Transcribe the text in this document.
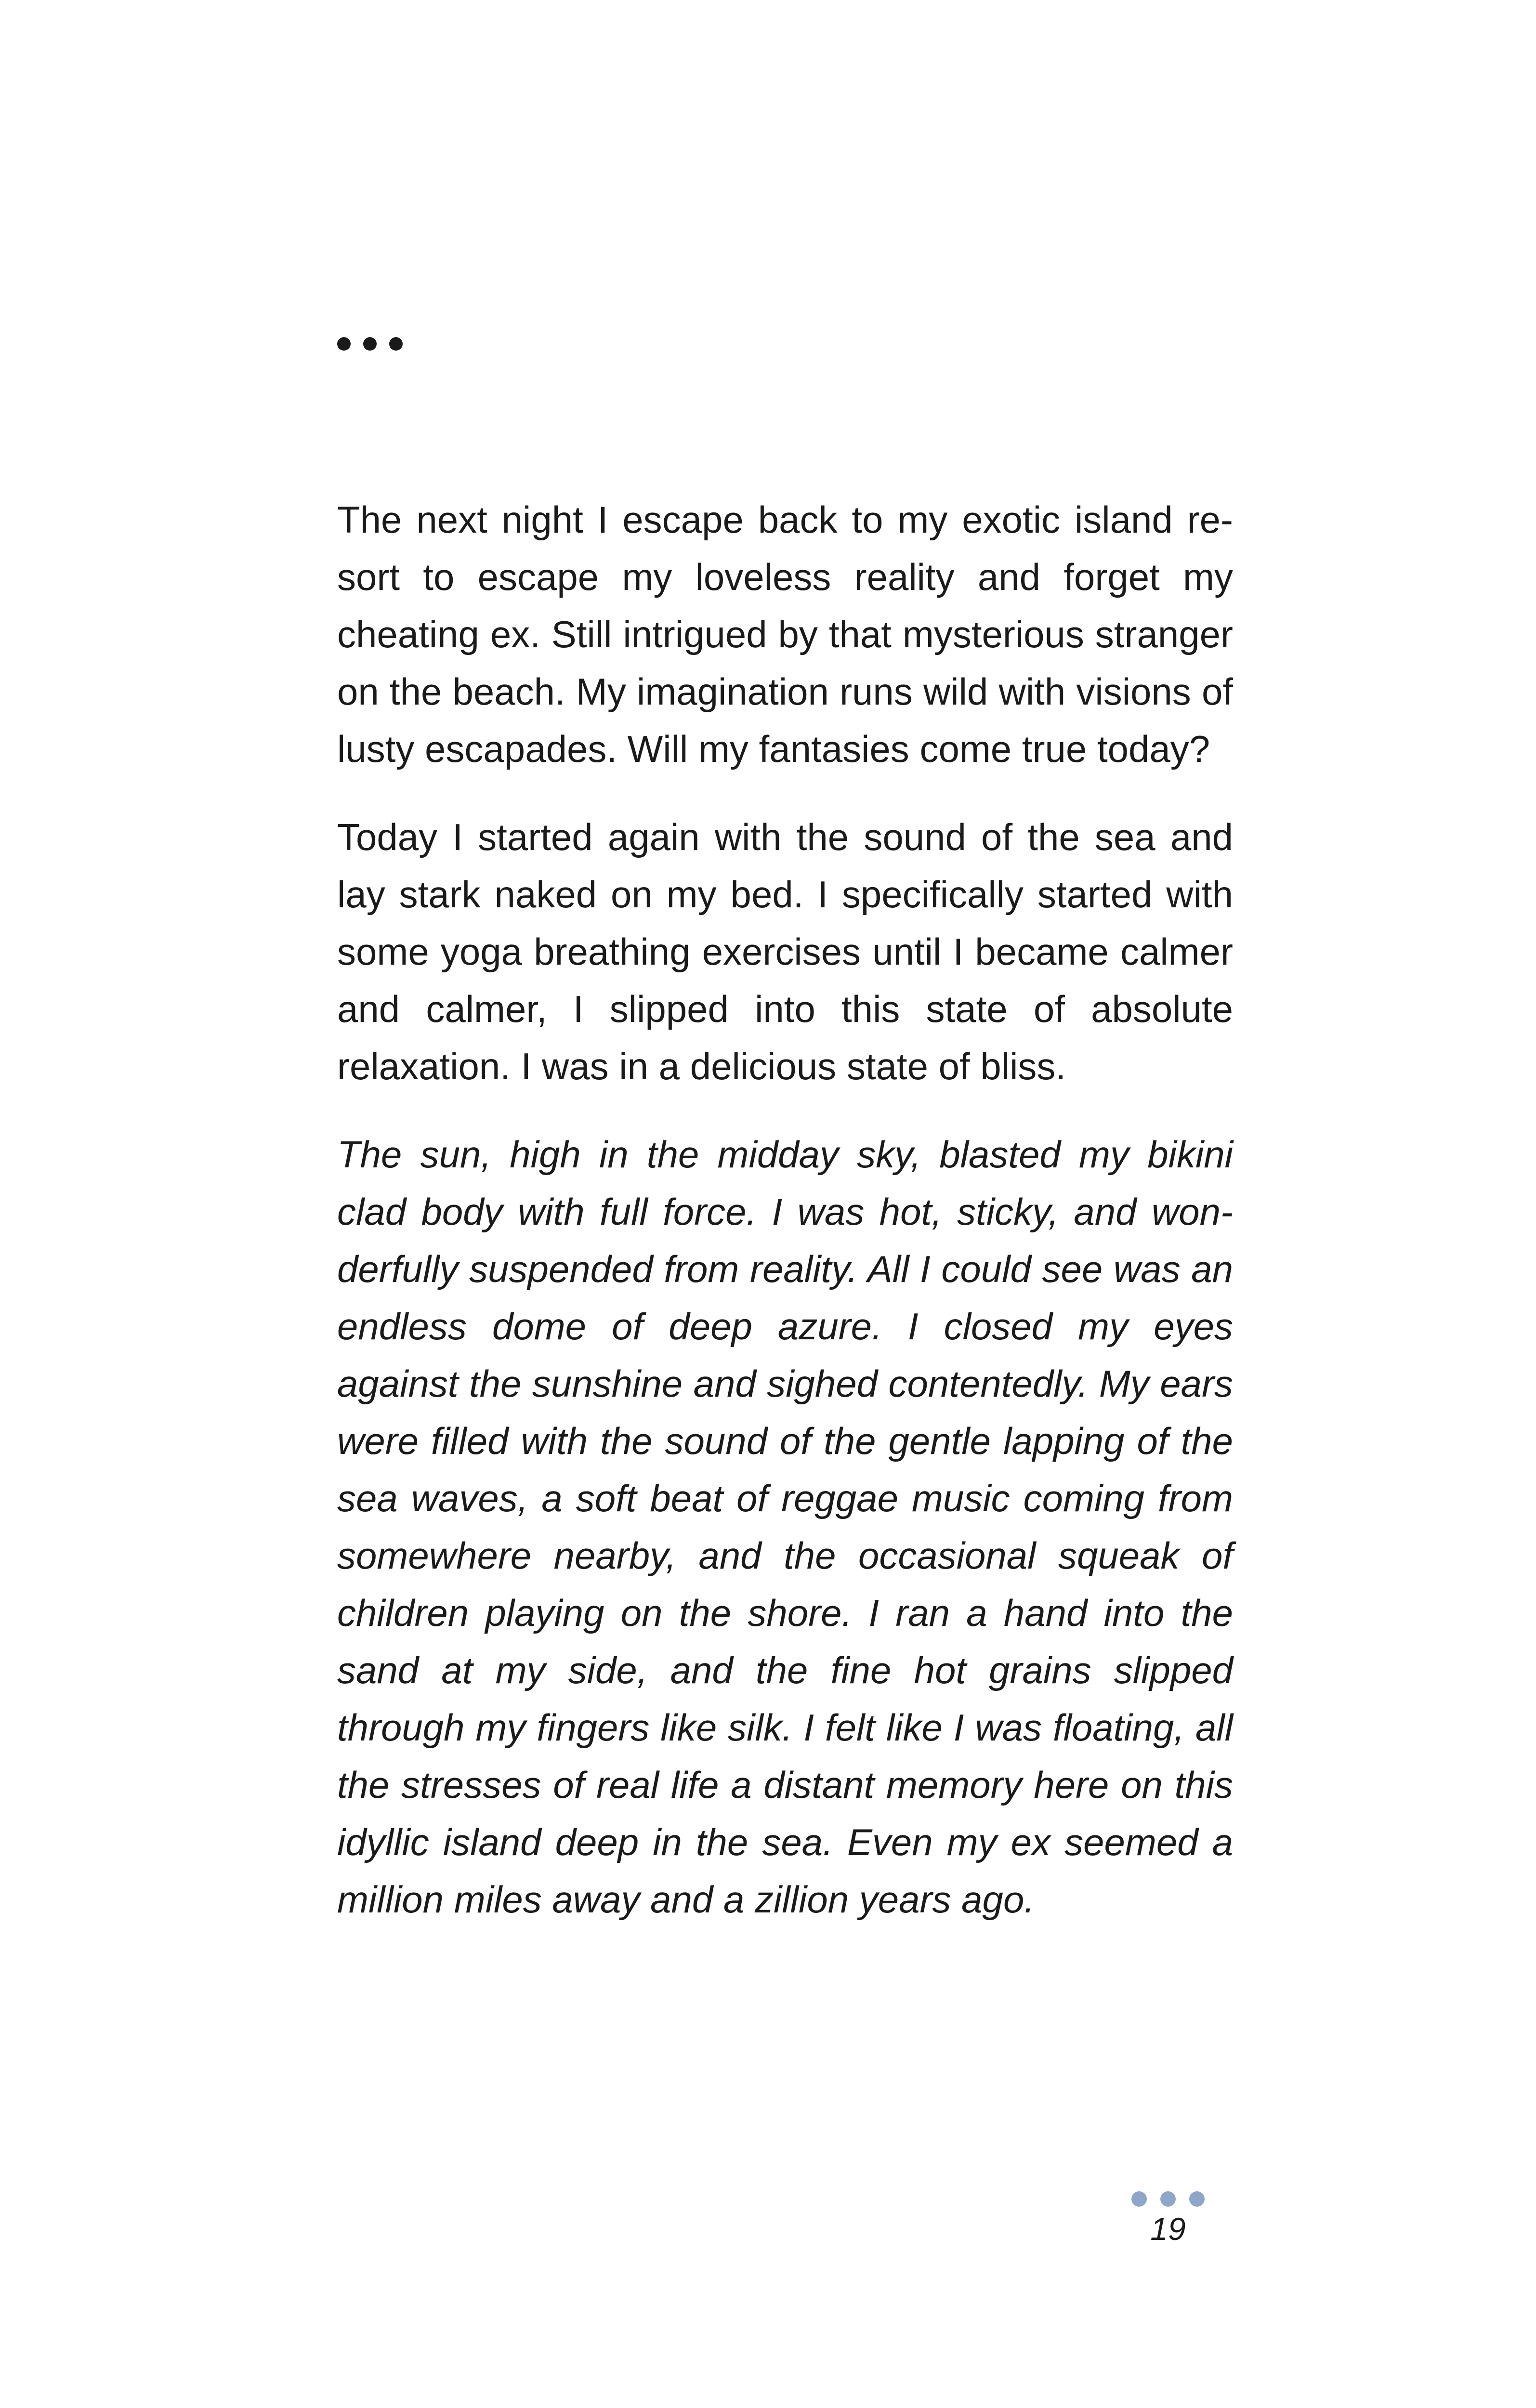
The next night I escape back to my exotic island resort to escape my loveless reality and forget my cheating ex. Still intrigued by that mysterious stranger on the beach. My imagination runs wild with visions of lusty escapades. Will my fantasies come true today?

Today I started again with the sound of the sea and lay stark naked on my bed. I specifically started with some yoga breathing exercises until I became calmer and calmer, I slipped into this state of absolute relaxation. I was in a delicious state of bliss.

The sun, high in the midday sky, blasted my bikini clad body with full force. I was hot, sticky, and wonderfully suspended from reality. All I could see was an endless dome of deep azure. I closed my eyes against the sunshine and sighed contentedly. My ears were filled with the sound of the gentle lapping of the sea waves, a soft beat of reggae music coming from somewhere nearby, and the occasional squeak of children playing on the shore. I ran a hand into the sand at my side, and the fine hot grains slipped through my fingers like silk. I felt like I was floating, all the stresses of real life a distant memory here on this idyllic island deep in the sea. Even my ex seemed a million miles away and a zillion years ago.

19
